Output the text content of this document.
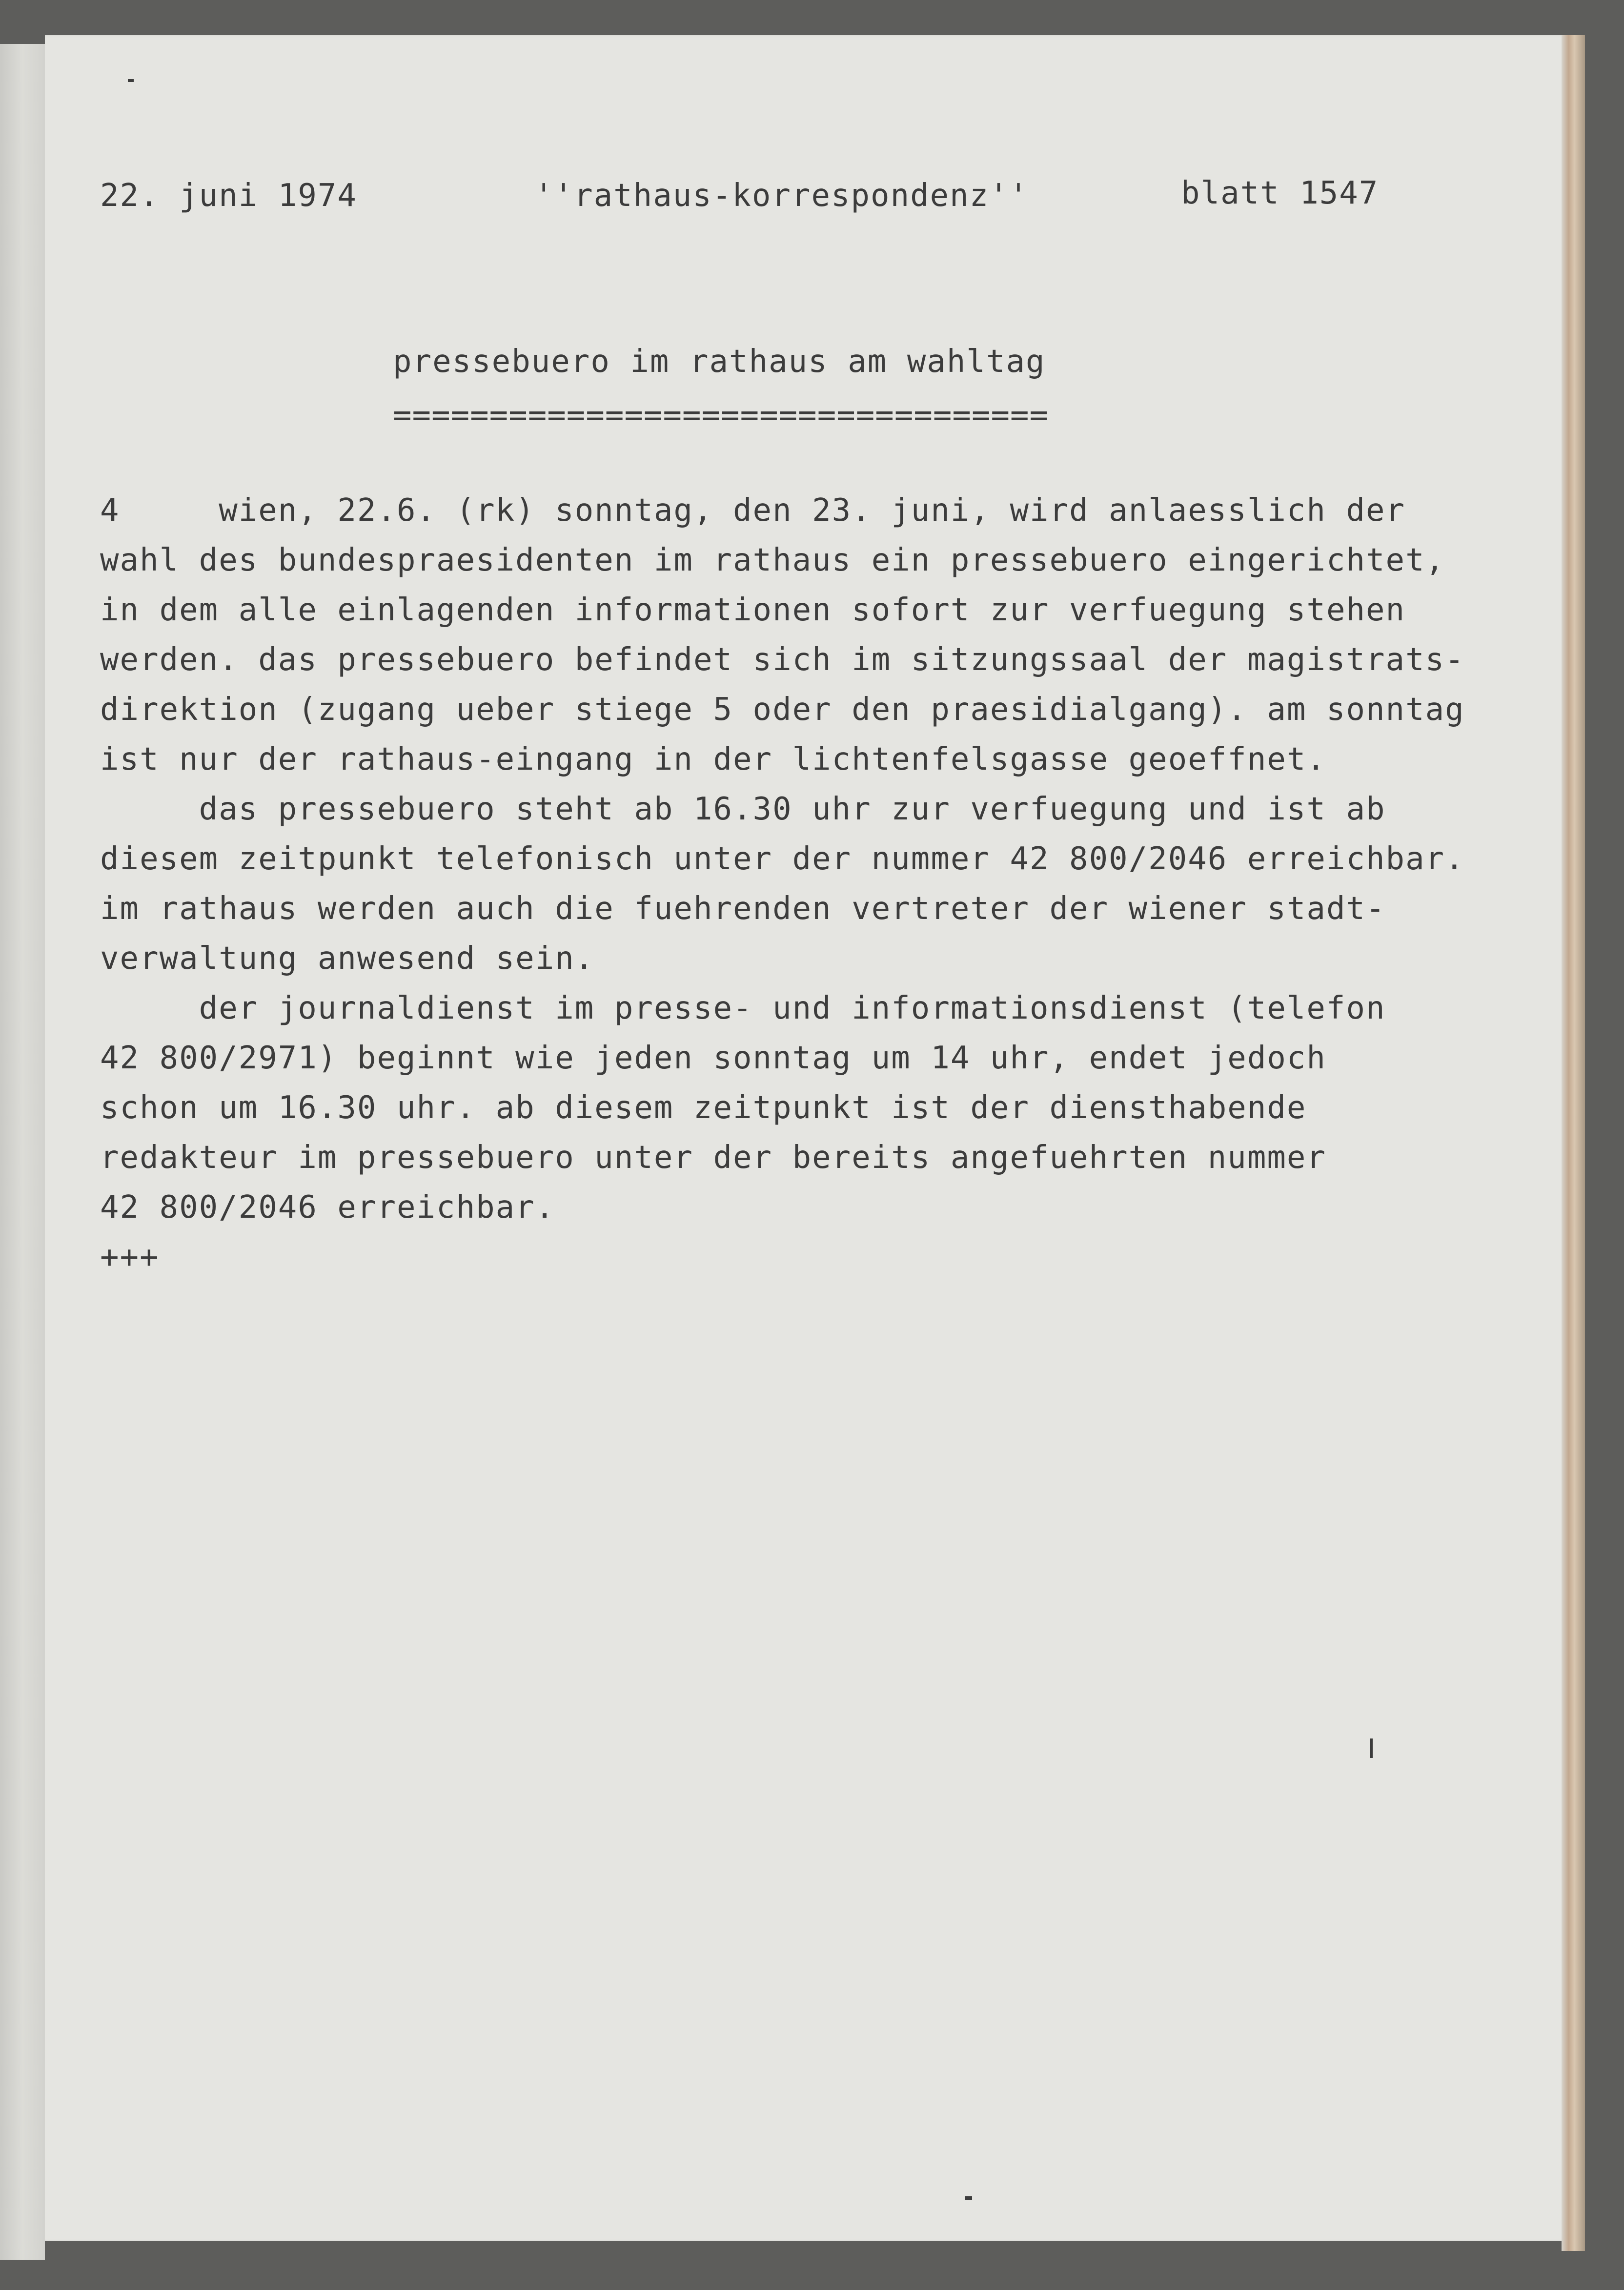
22. juni 1974	''rathaus-korrespondenz''	blatt 1547
pressebuero im rathaus am wahltag
==================================
4     wien, 22.6. (rk) sonntag, den 23. juni, wird anlaesslich der
wahl des bundespraesidenten im rathaus ein pressebuero eingerichtet,
in dem alle einlagenden informationen sofort zur verfuegung stehen
werden. das pressebuero befindet sich im sitzungssaal der magistrats-
direktion (zugang ueber stiege 5 oder den praesidialgang). am sonntag
ist nur der rathaus-eingang in der lichtenfelsgasse geoeffnet.
das pressebuero steht ab 16.30 uhr zur verfuegung und ist ab
diesem zeitpunkt telefonisch unter der nummer 42 800/2046 erreichbar.
im rathaus werden auch die fuehrenden vertreter der wiener stadt-
verwaltung anwesend sein.
der journaldienst im presse- und informationsdienst (telefon
42 800/2971) beginnt wie jeden sonntag um 14 uhr, endet jedoch
schon um 16.30 uhr. ab diesem zeitpunkt ist der diensthabende
redakteur im pressebuero unter der bereits angefuehrten nummer
42 800/2046 erreichbar.
+++
